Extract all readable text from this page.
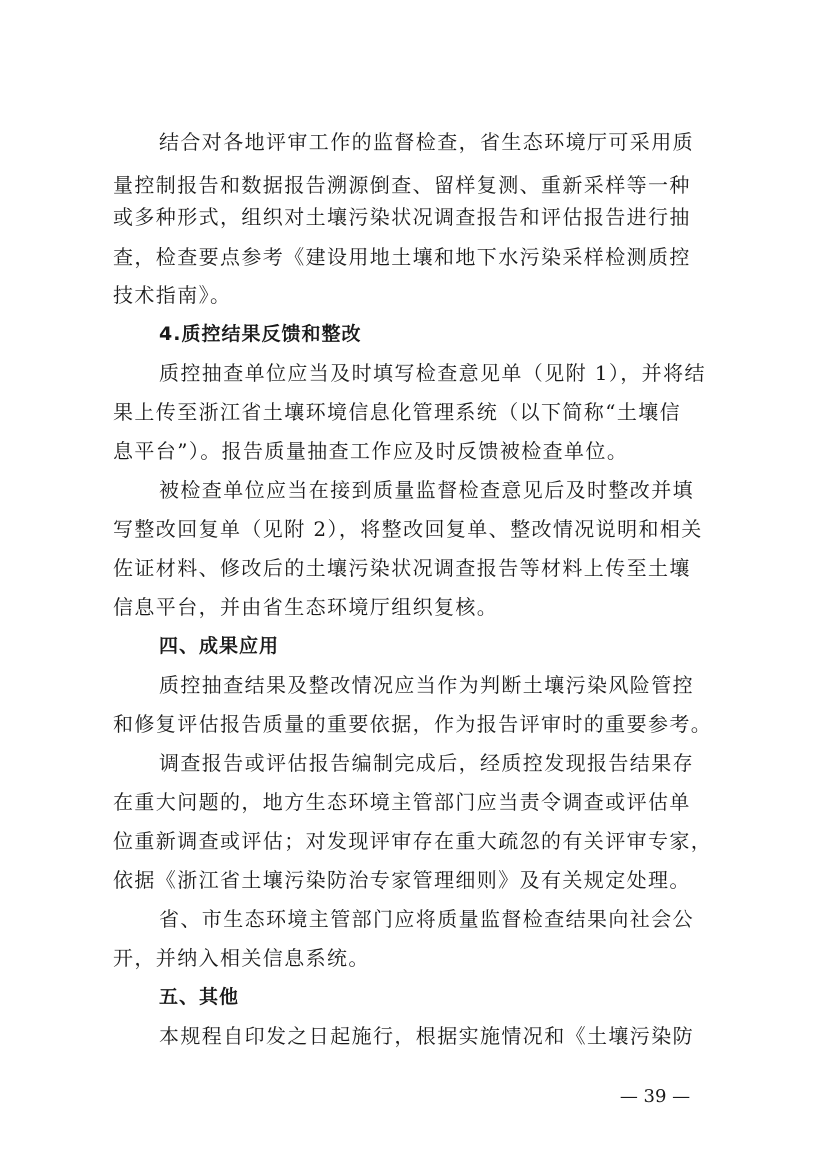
结合对各地评审工作的监督检查，省生态环境厅可采用质
量控制报告和数据报告溯源倒查、留样复测、重新采样等一种
或多种形式，组织对土壤污染状况调查报告和评估报告进行抽
查，检查要点参考《建设用地土壤和地下水污染采样检测质控
技术指南》。
4.质控结果反馈和整改
质控抽查单位应当及时填写检查意见单（见附 1），并将结
果上传至浙江省土壤环境信息化管理系统（以下简称“土壤信
息平台”）。报告质量抽查工作应及时反馈被检查单位。
被检查单位应当在接到质量监督检查意见后及时整改并填
写整改回复单（见附 2），将整改回复单、整改情况说明和相关
佐证材料、修改后的土壤污染状况调查报告等材料上传至土壤
信息平台，并由省生态环境厅组织复核。
四、成果应用
质控抽查结果及整改情况应当作为判断土壤污染风险管控
和修复评估报告质量的重要依据，作为报告评审时的重要参考。
调查报告或评估报告编制完成后，经质控发现报告结果存
在重大问题的，地方生态环境主管部门应当责令调查或评估单
位重新调查或评估；对发现评审存在重大疏忽的有关评审专家，
依据《浙江省土壤污染防治专家管理细则》及有关规定处理。
省、市生态环境主管部门应将质量监督检查结果向社会公
开，并纳入相关信息系统。
五、其他
本规程自印发之日起施行，根据实施情况和《土壤污染防
— 39 —
